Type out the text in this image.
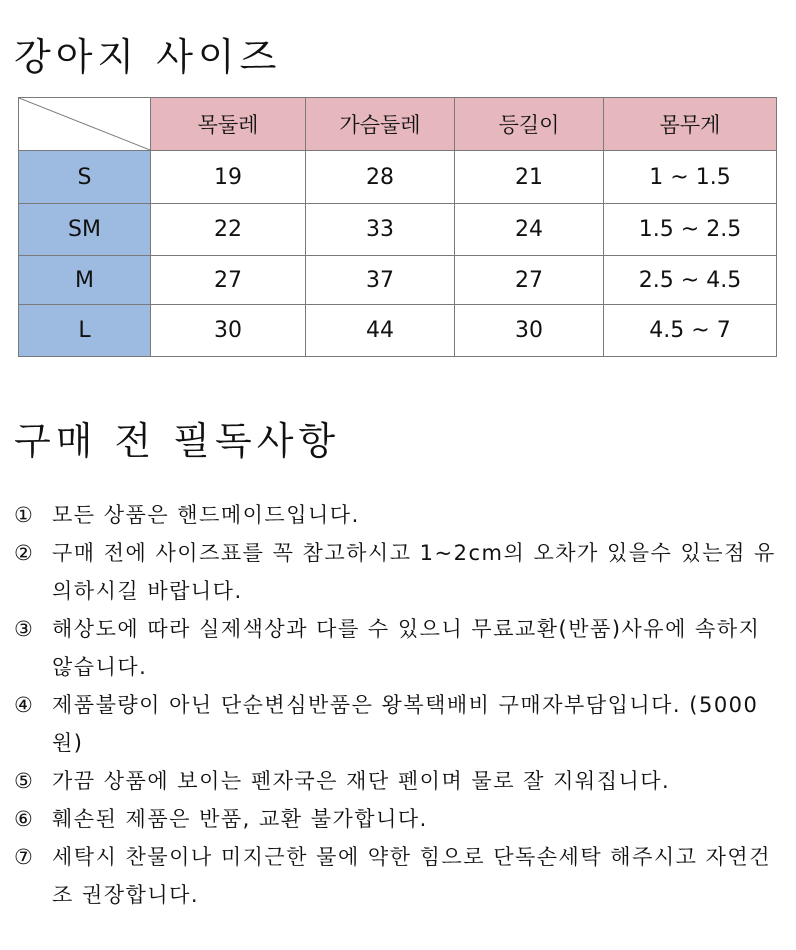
강아지 사이즈
	목둘레	가슴둘레	등길이	몸무게
S	19	28	21	1 ~ 1.5
SM	22	33	24	1.5 ~ 2.5
M	27	37	27	2.5 ~ 4.5
L	30	44	30	4.5 ~ 7
구매 전 필독사항
① 모든 상품은 핸드메이드입니다.
② 구매 전에 사이즈표를 꼭 참고하시고 1~2cm의 오차가 있을수 있는점 유의하시길 바랍니다.
③ 해상도에 따라 실제색상과 다를 수 있으니 무료교환(반품)사유에 속하지 않습니다.
④ 제품불량이 아닌 단순변심반품은 왕복택배비 구매자부담입니다. (5000원)
⑤ 가끔 상품에 보이는 펜자국은 재단 펜이며 물로 잘 지워집니다.
⑥ 훼손된 제품은 반품, 교환 불가합니다.
⑦ 세탁시 찬물이나 미지근한 물에 약한 힘으로 단독손세탁 해주시고 자연건조 권장합니다.
